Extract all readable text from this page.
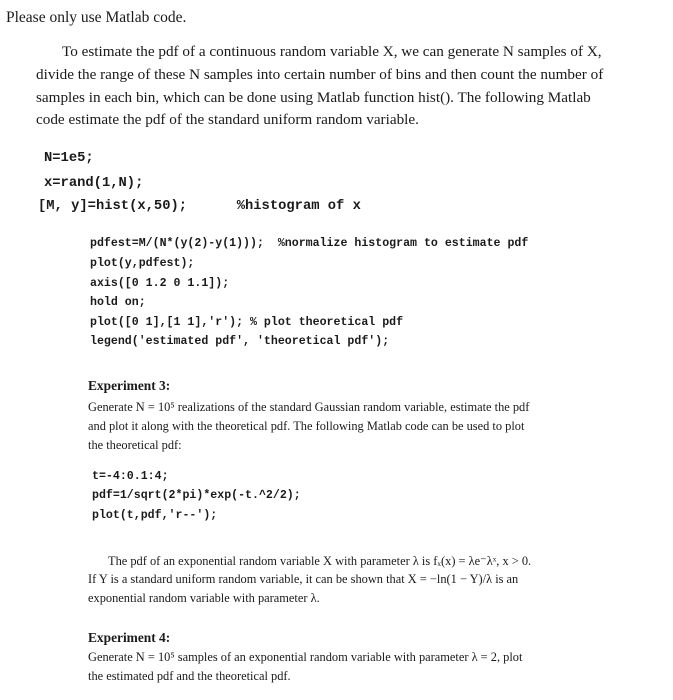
Please only use Matlab code.
To estimate the pdf of a continuous random variable X, we can generate N samples of X,
divide the range of these N samples into certain number of bins and then count the number of
samples in each bin, which can be done using Matlab function hist(). The following Matlab
code estimate the pdf of the standard uniform random variable.
N=1e5;
x=rand(1,N);
[M, y]=hist(x,50);      %histogram of x
pdfest=M/(N*(y(2)-y(1)));  %normalize histogram to estimate pdf
plot(y,pdfest);
axis([0 1.2 0 1.1]);
hold on;
plot([0 1],[1 1],'r'); % plot theoretical pdf
legend('estimated pdf', 'theoretical pdf');
Experiment 3:
Generate N = 10⁵ realizations of the standard Gaussian random variable, estimate the pdf
and plot it along with the theoretical pdf. The following Matlab code can be used to plot
the theoretical pdf:
t=-4:0.1:4;
pdf=1/sqrt(2*pi)*exp(-t.^2/2);
plot(t,pdf,'r--');
The pdf of an exponential random variable X with parameter λ is fₓ(x) = λe⁻λˣ, x > 0.
If Y is a standard uniform random variable, it can be shown that X = −ln(1 − Y)/λ is an
exponential random variable with parameter λ.
Experiment 4:
Generate N = 10⁵ samples of an exponential random variable with parameter λ = 2, plot
the estimated pdf and the theoretical pdf.
